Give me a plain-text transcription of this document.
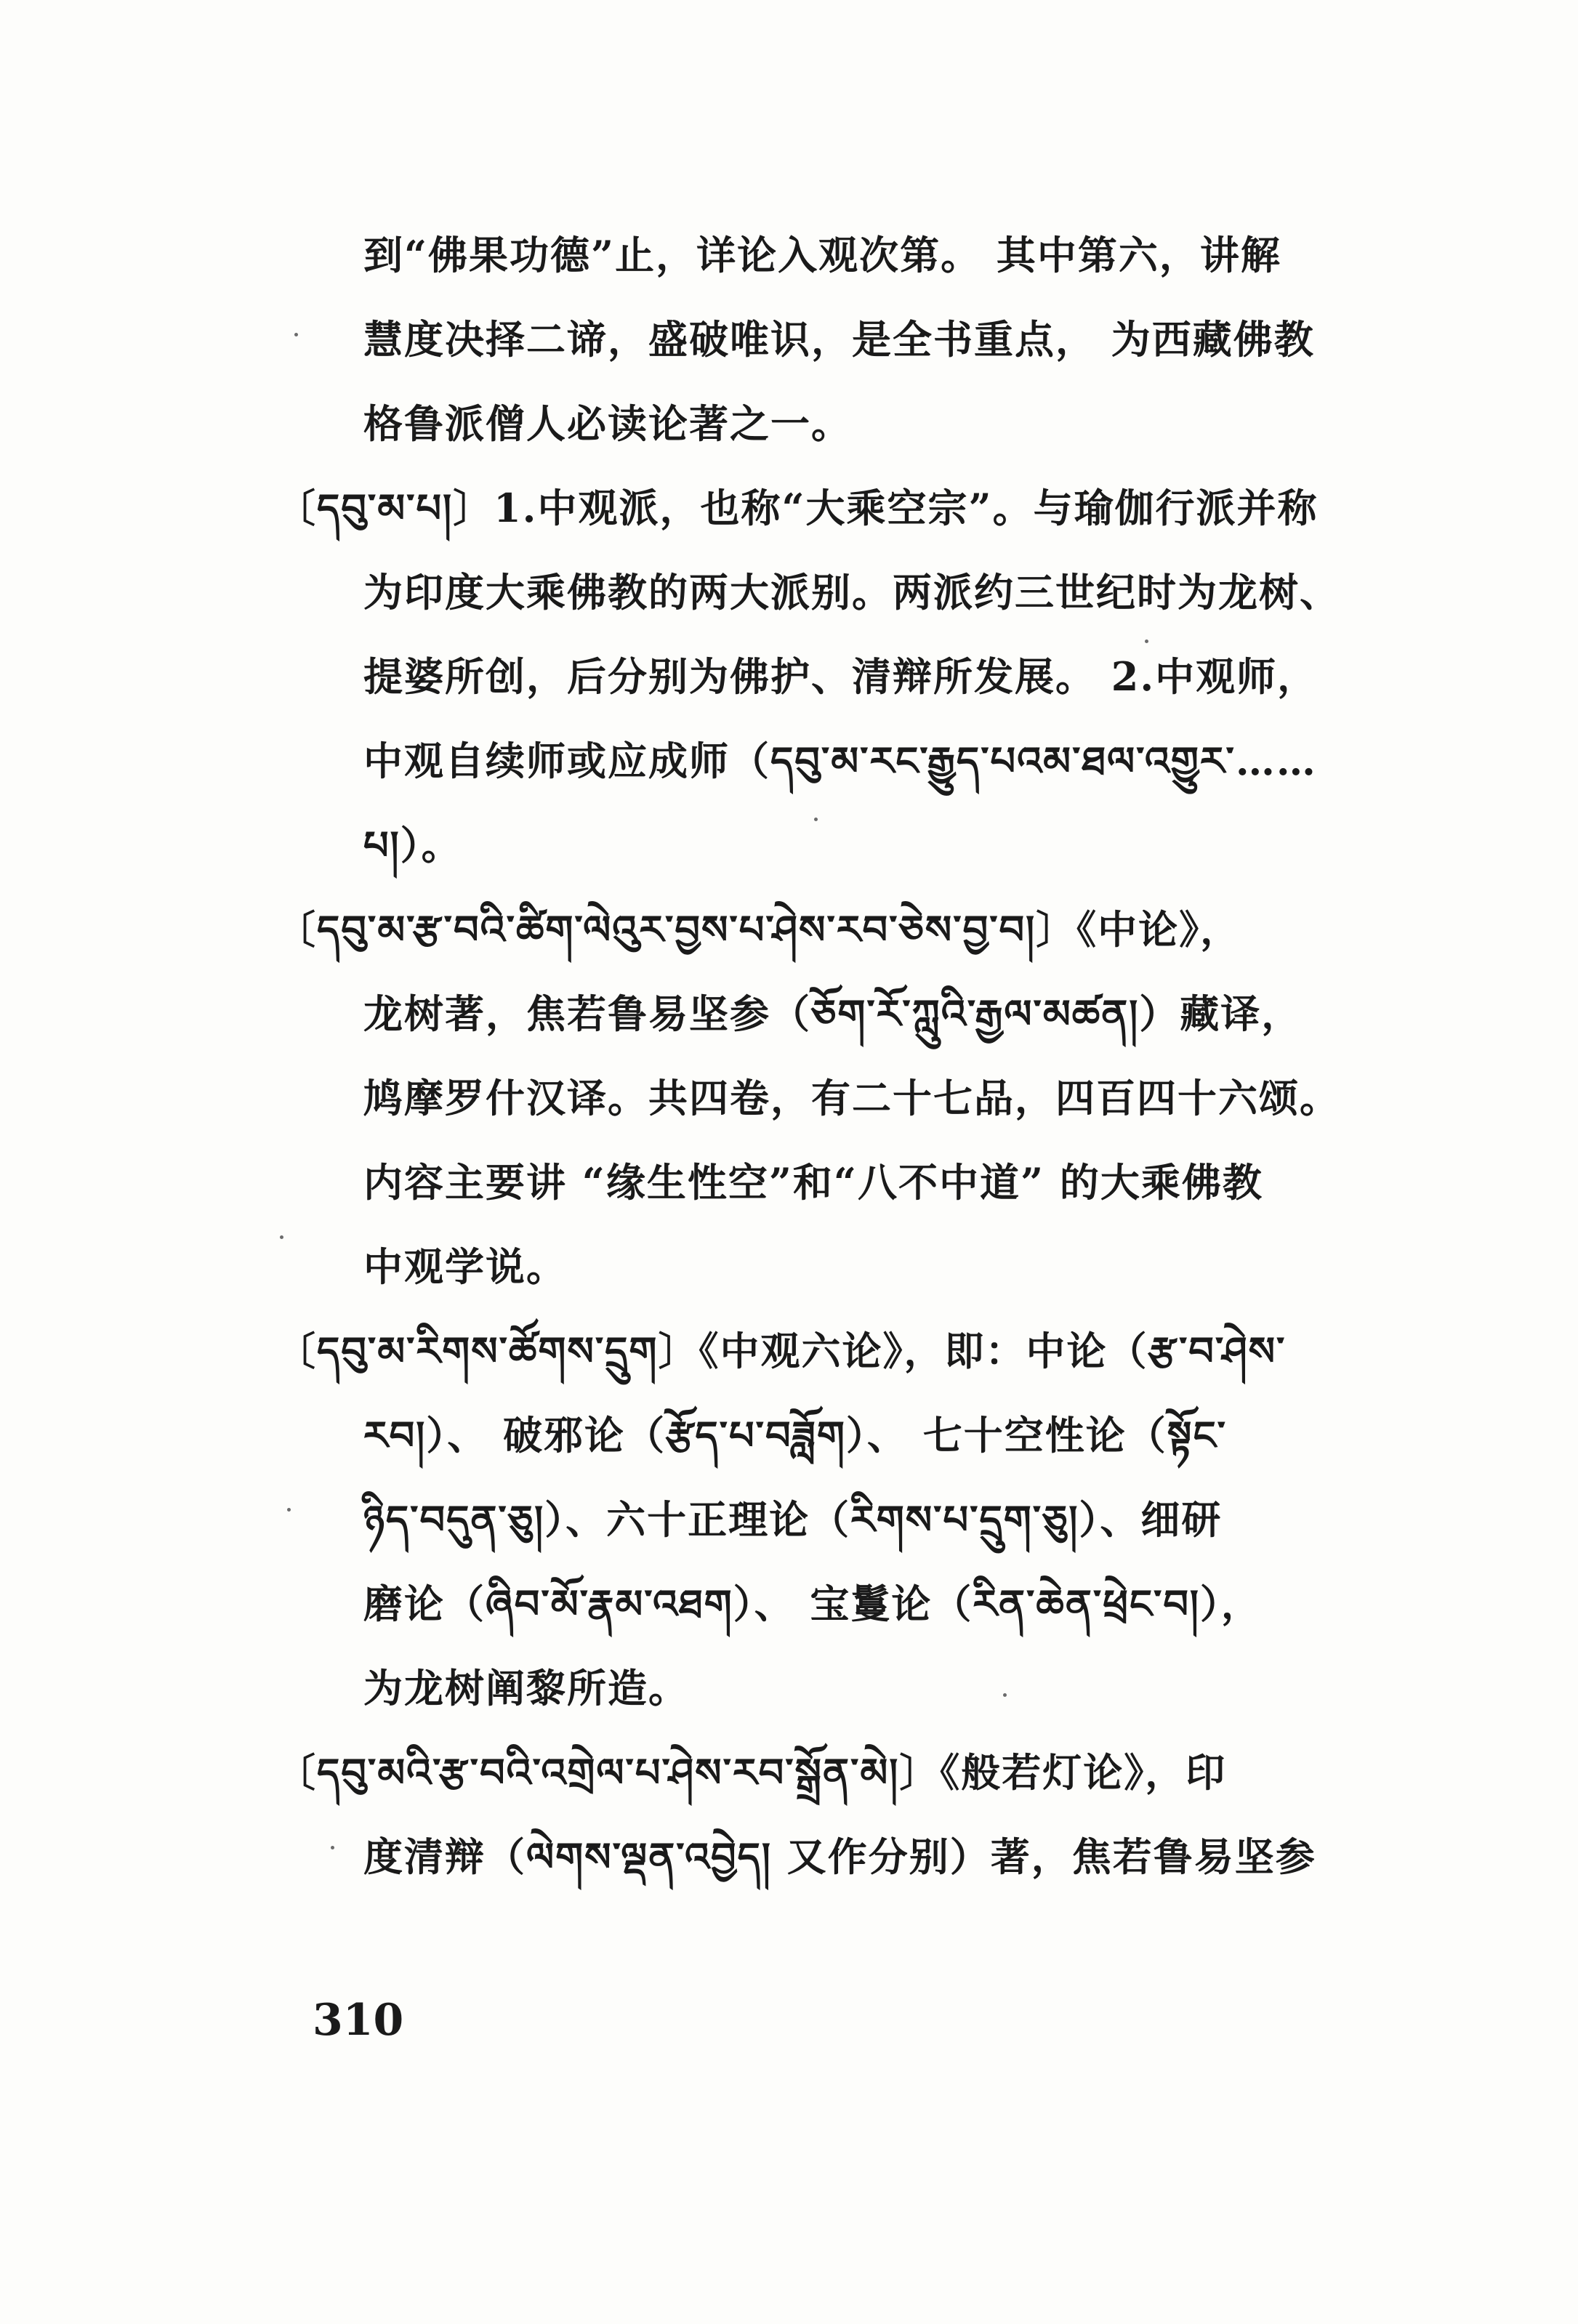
到“佛果功德”止，详论入观次第。 其中第六，讲解
慧度决择二谛，盛破唯识，是全书重点， 为西藏佛教
格鲁派僧人必读论著之一。
〔དབུ་མ་པ།〕1.中观派，也称“大乘空宗”。与瑜伽行派并称
为印度大乘佛教的两大派别。两派约三世纪时为龙树、
提婆所创，后分别为佛护、清辩所发展。 2.中观师，
中观自续师或应成师（དབུ་མ་རང་རྒྱུད་པའམ་ཐལ་འགྱུར་……
པ།）。
〔དབུ་མ་རྩ་བའི་ཚིག་ལེའུར་བྱས་པ་ཤེས་རབ་ཅེས་བྱ་བ།〕《中论》，
龙树著，焦若鲁易坚参（ཅོག་རོ་ཀླུའི་རྒྱལ་མཚན།）藏译，
鸠摩罗什汉译。共四卷，有二十七品，四百四十六颂。
内容主要讲 “缘生性空”和“八不中道” 的大乘佛教
中观学说。
〔དབུ་མ་རིགས་ཚོགས་དྲུག〕《中观六论》，即：中论（རྩ་བ་ཤེས་
རབ།）、 破邪论（རྩོད་པ་བཟློག）、 七十空性论（སྟོང་
ཉིད་བདུན་ཅུ།）、六十正理论（རིགས་པ་དྲུག་ཅུ།）、细研
磨论（ཞིབ་མོ་རྣམ་འཐག）、 宝鬘论（རིན་ཆེན་ཕྲེང་བ།），
为龙树阐黎所造。
〔དབུ་མའི་རྩ་བའི་འགྲེལ་པ་ཤེས་རབ་སྒྲོན་མེ།〕《般若灯论》，印
度清辩（ལེགས་ལྡན་འབྱེད། 又作分别）著，焦若鲁易坚参
310
